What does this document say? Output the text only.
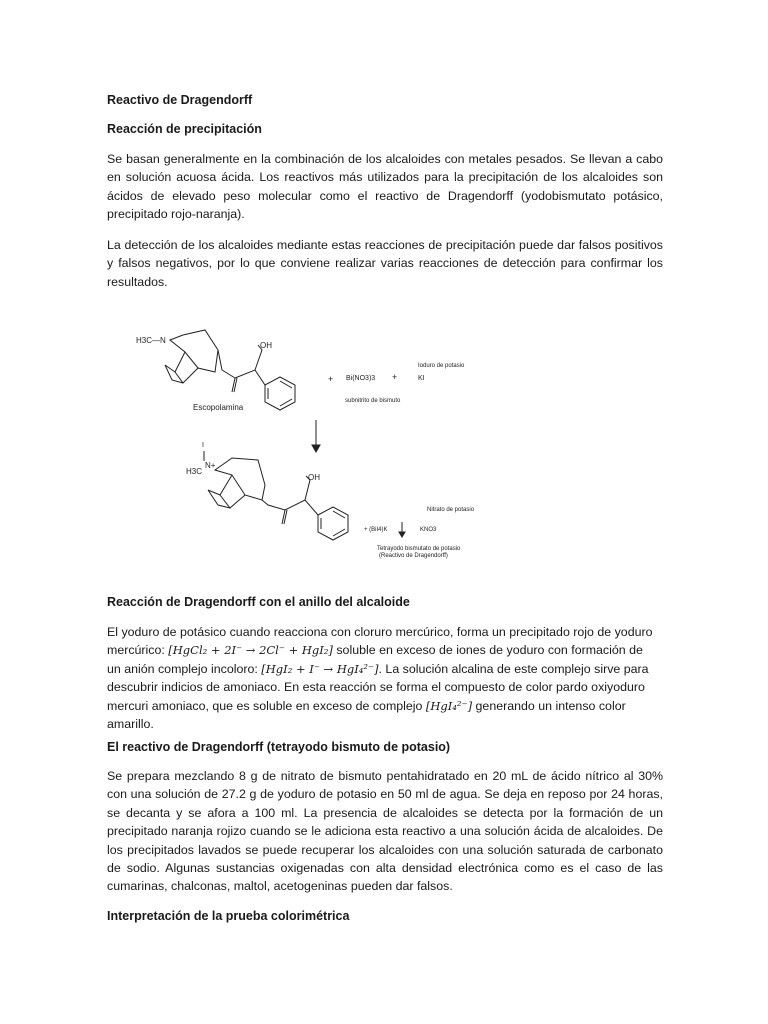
Reactivo de Dragendorff
Reacción de precipitación

Se basan generalmente en la combinación de los alcaloides con metales pesados. Se llevan a cabo en solución acuosa ácida. Los reactivos más utilizados para la precipitación de los alcaloides son ácidos de elevado peso molecular como el reactivo de Dragendorff (yodobismutato potásico, precipitado rojo-naranja).

La detección de los alcaloides mediante estas reacciones de precipitación puede dar falsos positivos y falsos negativos, por lo que conviene realizar varias reacciones de detección para confirmar los resultados.

Reacción de Dragendorff con el anillo del alcaloide
El yoduro de potásico cuando reacciona con cloruro mercúrico, forma un precipitado rojo de yoduro
mercúrico: [HgCl₂ + 2I⁻ → 2Cl⁻ + HgI₂] soluble en exceso de iones de yoduro con formación de
un anión complejo incoloro: [HgI₂ + I⁻ → HgI₄²⁻]. La solución alcalina de este complejo sirve para
descubrir indicios de amoniaco. En esta reacción se forma el compuesto de color pardo oxiyoduro
mercuri amoniaco, que es soluble en exceso de complejo [HgI₄²⁻] generando un intenso color
amarillo.
El reactivo de Dragendorff (tetrayodo bismuto de potasio)

Se prepara mezclando 8 g de nitrato de bismuto pentahidratado en 20 mL de ácido nítrico al 30% con una solución de 27.2 g de yoduro de potasio en 50 ml de agua. Se deja en reposo por 24 horas, se decanta y se afora a 100 ml. La presencia de alcaloides se detecta por la formación de un precipitado naranja rojizo cuando se le adiciona esta reactivo a una solución ácida de alcaloides. De los precipitados lavados se puede recuperar los alcaloides con una solución saturada de carbonato de sodio. Algunas sustancias oxigenadas con alta densidad electrónica como es el caso de las cumarinas, chalconas, maltol, acetogeninas pueden dar falsos.

Interpretación de la prueba colorimétrica
H3C—N
OH
Escopolamina
+ Bi(NO3)3 +
subnitrito de bismuto
Ioduro de potasio
KI
I
H3C
N+
OH
Nitrato de potasio
+ (BiI4)K	KNO3
Tetrayodo bismutato de potasio
(Reactivo de Dragendorff)
